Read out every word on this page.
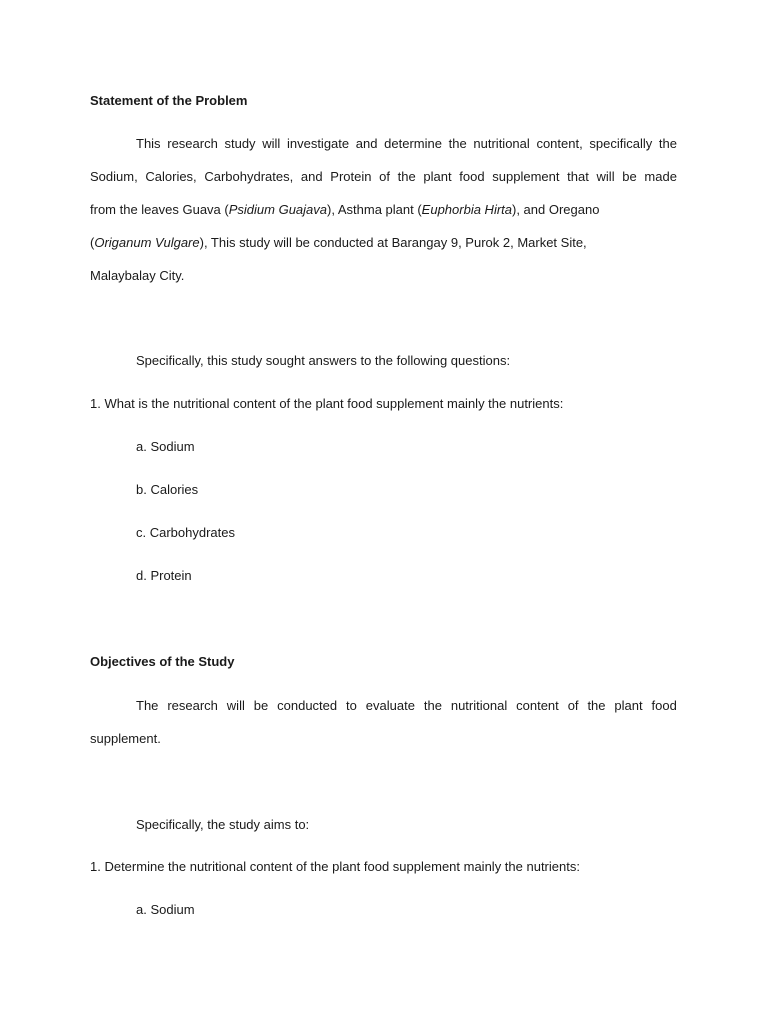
Statement of the Problem
This research study will investigate and determine the nutritional content, specifically the
Sodium, Calories, Carbohydrates, and Protein of the plant food supplement that will be made
from the leaves Guava (Psidium Guajava), Asthma plant (Euphorbia Hirta), and Oregano
(Origanum Vulgare), This study will be conducted at Barangay 9, Purok 2, Market Site,
Malaybalay City.
Specifically, this study sought answers to the following questions:
1. What is the nutritional content of the plant food supplement mainly the nutrients:
a. Sodium
b. Calories
c. Carbohydrates
d. Protein
Objectives of the Study
The research will be conducted to evaluate the nutritional content of the plant food
supplement.
Specifically, the study aims to:
1. Determine the nutritional content of the plant food supplement mainly the nutrients:
a. Sodium
